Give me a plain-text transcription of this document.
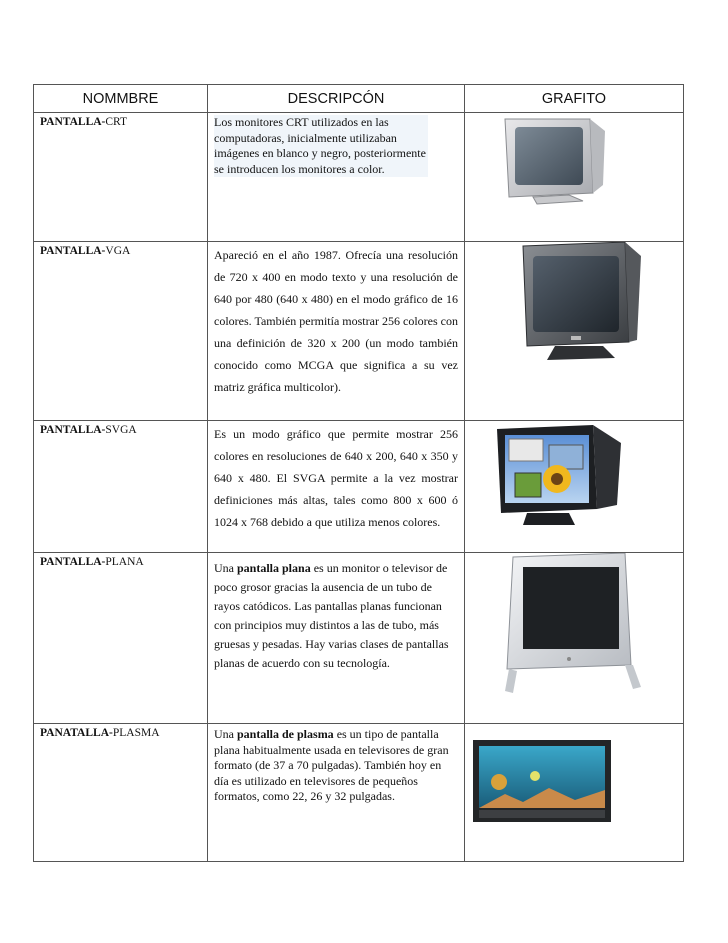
NOMMBRE	DESCRIPCÓN	GRAFITO
PANTALLA-CRT	Los monitores CRT utilizados en las computadoras, inicialmente utilizaban imágenes en blanco y negro, posteriormente se introducen los monitores a color.

PANTALLA-VGA	Apareció en el año 1987. Ofrecía una resolución de 720 x 400 en modo texto y una resolución de 640 por 480 (640 x 480) en el modo gráfico de 16 colores. También permitía mostrar 256 colores con una definición de 320 x 200 (un modo también conocido como MCGA que significa a su vez matriz gráfica multicolor).

PANTALLA-SVGA	Es un modo gráfico que permite mostrar 256 colores en resoluciones de 640 x 200, 640 x 350 y 640 x 480. El SVGA permite a la vez mostrar definiciones más altas, tales como 800 x 600 ó 1024 x 768 debido a que utiliza menos colores.

PANTALLA-PLANA	Una pantalla plana es un monitor o televisor de poco grosor gracias la ausencia de un tubo de rayos catódicos. Las pantallas planas funcionan con principios muy distintos a las de tubo, más gruesas y pesadas. Hay varias clases de pantallas planas de acuerdo con su tecnología.

PANATALLA-PLASMA	Una pantalla de plasma es un tipo de pantalla plana habitualmente usada en televisores de gran formato (de 37 a 70 pulgadas). También hoy en día es utilizado en televisores de pequeños formatos, como 22, 26 y 32 pulgadas.
